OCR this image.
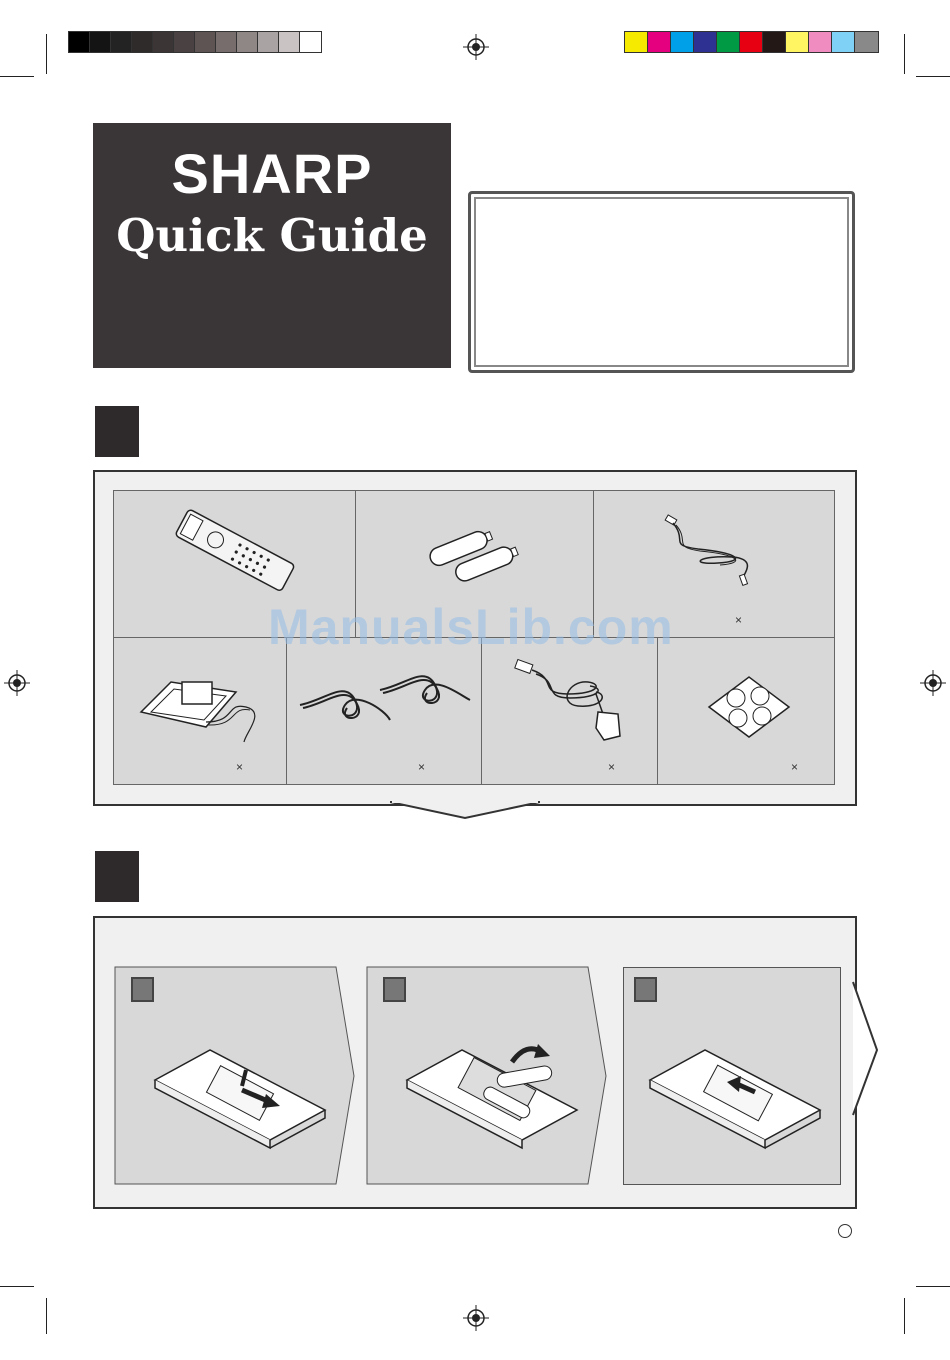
SHARP
Quick Guide
×
×	×	×	×
ManualsLib.com
